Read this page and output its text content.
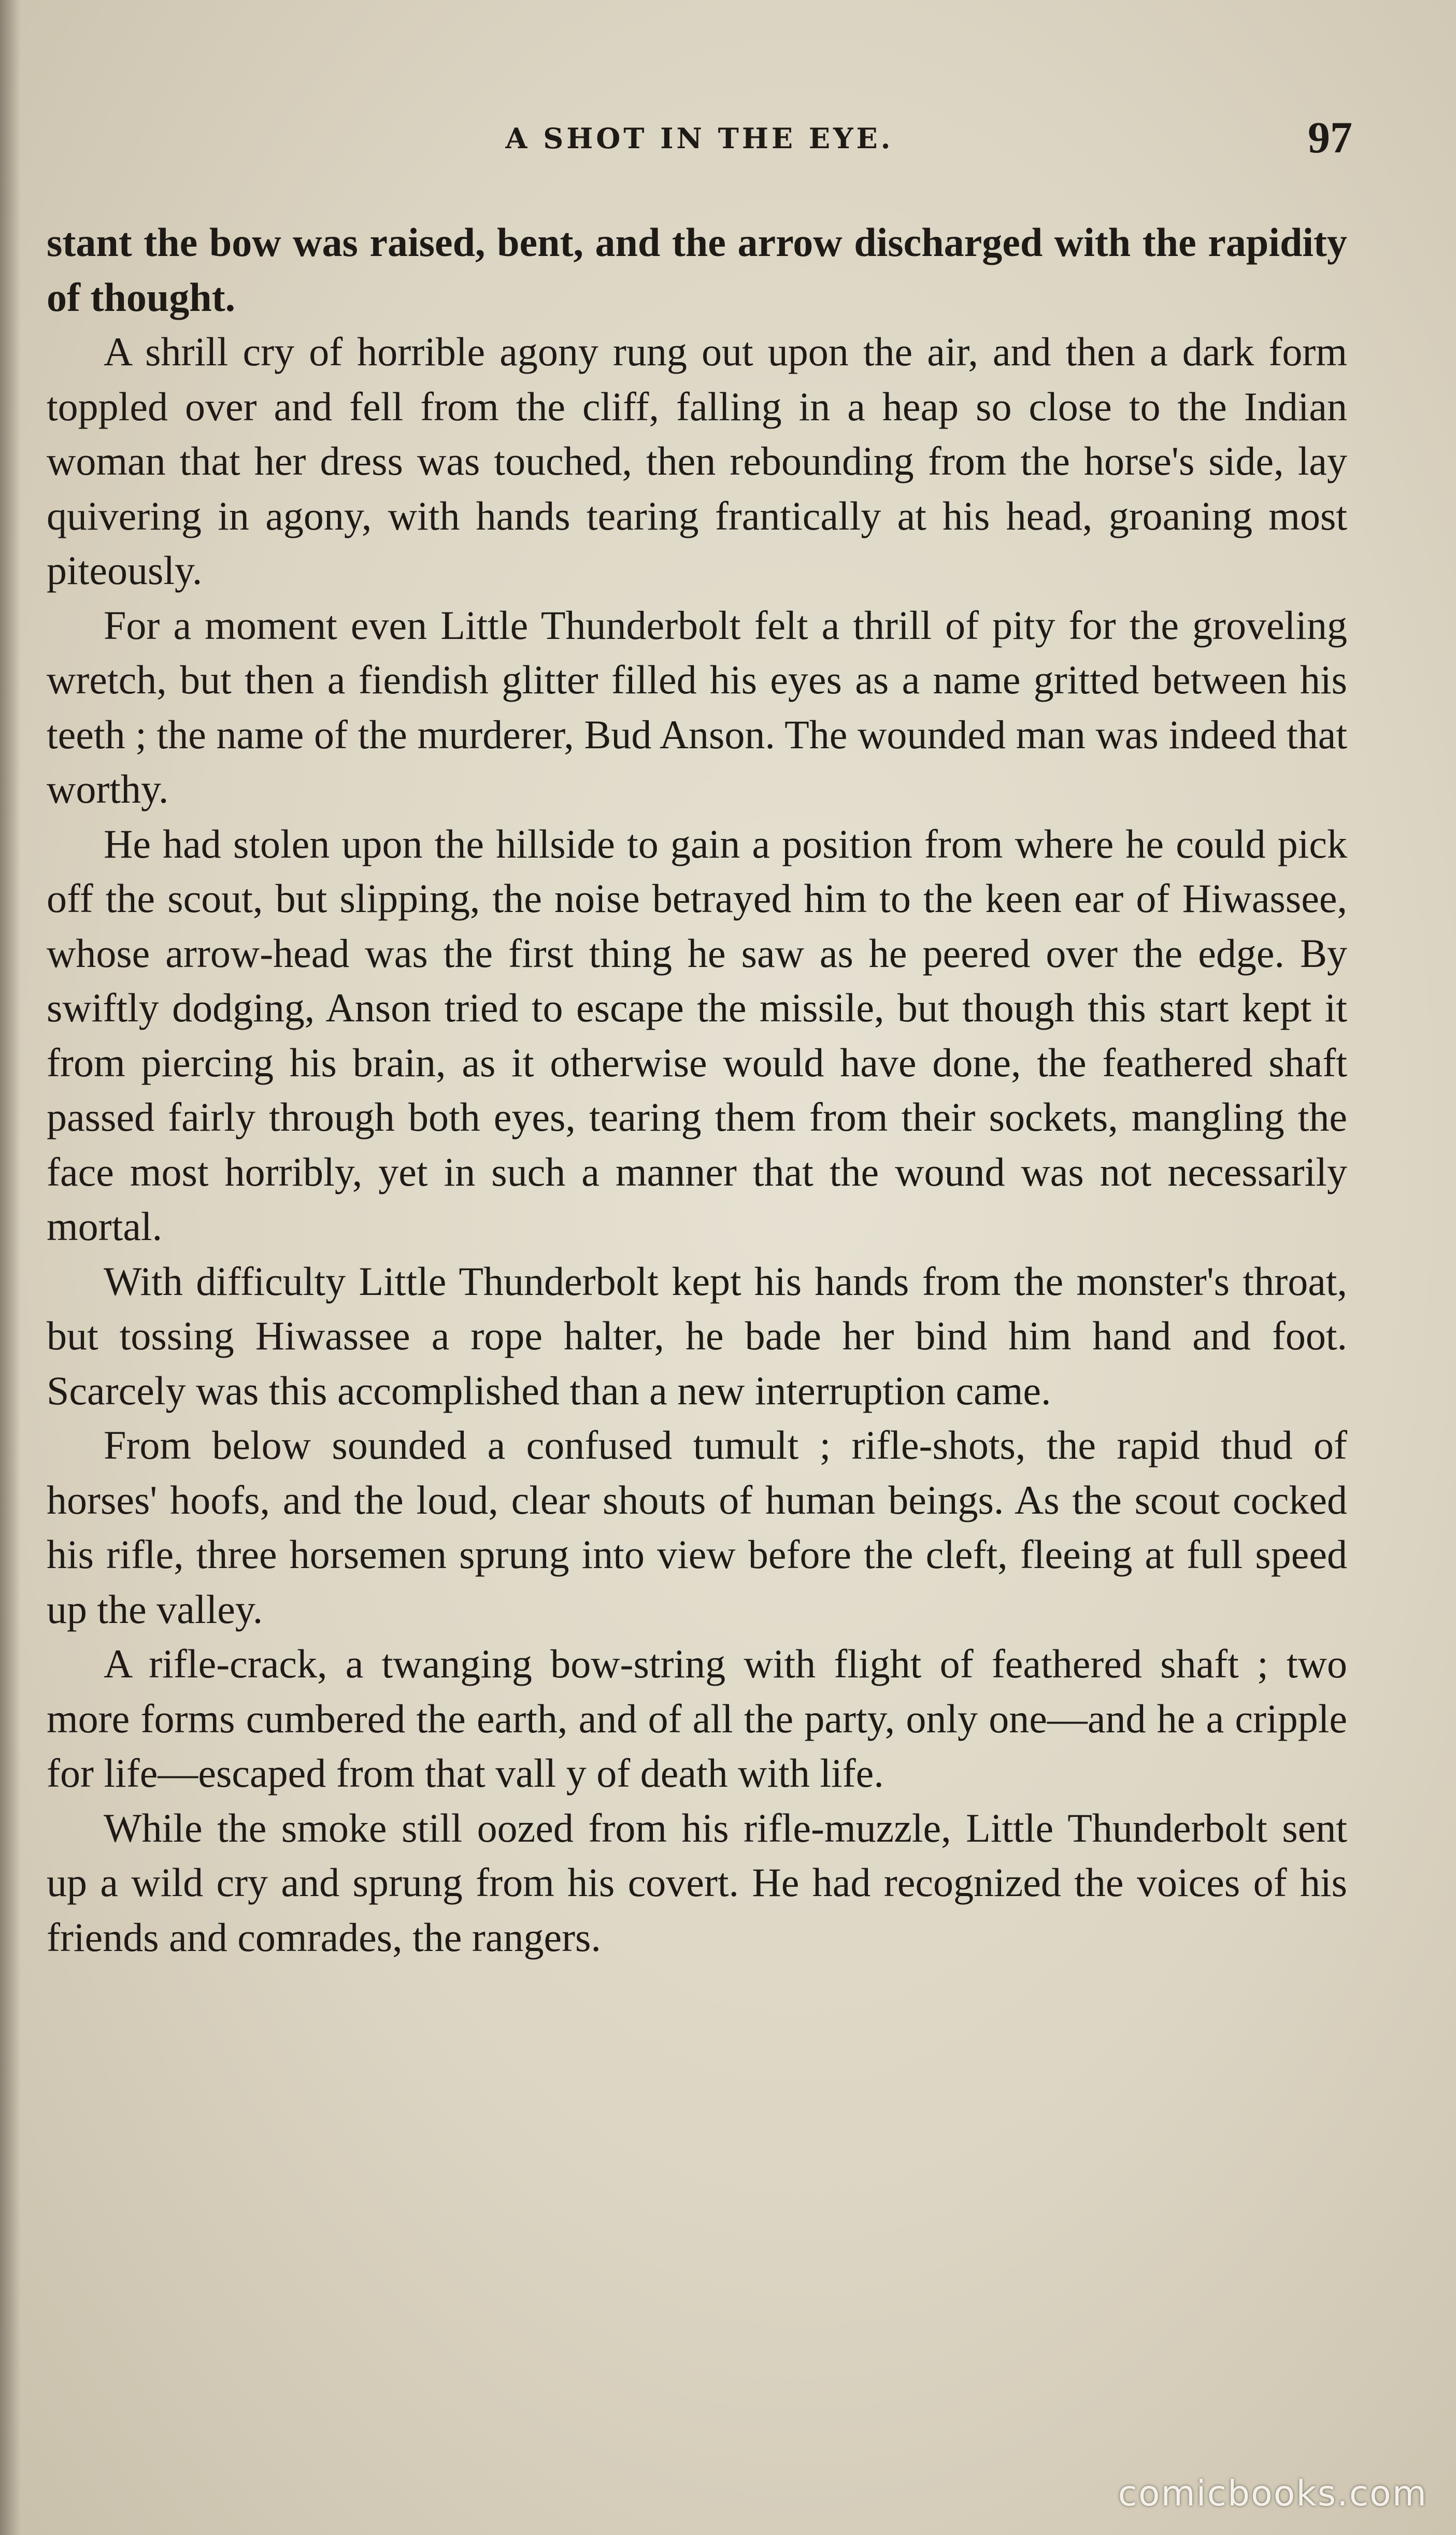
A SHOT IN THE EYE.	97

stant the bow was raised, bent, and the arrow discharged with the rapidity of thought.

A shrill cry of horrible agony rung out upon the air, and then a dark form toppled over and fell from the cliff, falling in a heap so close to the Indian woman that her dress was touched, then rebounding from the horse's side, lay quivering in agony, with hands tearing frantically at his head, groaning most piteously.

For a moment even Little Thunderbolt felt a thrill of pity for the groveling wretch, but then a fiendish glitter filled his eyes as a name gritted between his teeth ; the name of the murderer, Bud Anson. The wounded man was indeed that worthy.

He had stolen upon the hillside to gain a position from where he could pick off the scout, but slipping, the noise betrayed him to the keen ear of Hiwassee, whose arrow-head was the first thing he saw as he peered over the edge. By swiftly dodging, Anson tried to escape the missile, but though this start kept it from piercing his brain, as it otherwise would have done, the feathered shaft passed fairly through both eyes, tearing them from their sockets, mangling the face most horribly, yet in such a manner that the wound was not necessarily mortal.

With difficulty Little Thunderbolt kept his hands from the monster's throat, but tossing Hiwassee a rope halter, he bade her bind him hand and foot. Scarcely was this accomplished than a new interruption came.

From below sounded a confused tumult ; rifle-shots, the rapid thud of horses' hoofs, and the loud, clear shouts of human beings. As the scout cocked his rifle, three horsemen sprung into view before the cleft, fleeing at full speed up the valley.

A rifle-crack, a twanging bow-string with flight of feathered shaft ; two more forms cumbered the earth, and of all the party, only one—and he a cripple for life—escaped from that vall y of death with life.

While the smoke still oozed from his rifle-muzzle, Little Thunderbolt sent up a wild cry and sprung from his covert. He had recognized the voices of his friends and comrades, the rangers.

comicbooks.com
